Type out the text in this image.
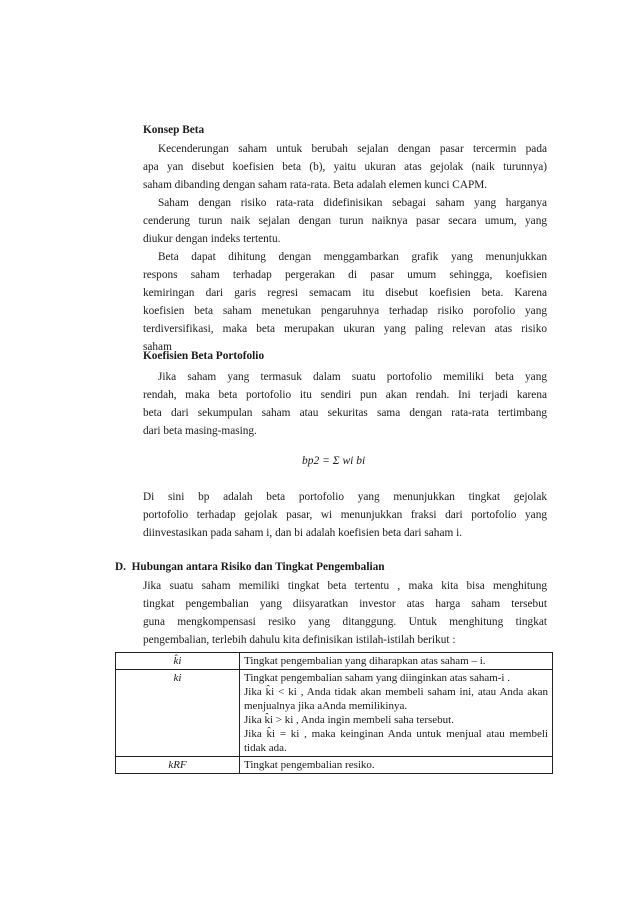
Konsep Beta
Kecenderungan saham untuk berubah sejalan dengan pasar tercermin pada
apa yan disebut koefisien beta (b), yaitu ukuran atas gejolak (naik turunnya)
saham dibanding dengan saham rata-rata. Beta adalah elemen kunci CAPM.
Saham dengan risiko rata-rata didefinisikan sebagai saham yang harganya
cenderung turun naik sejalan dengan turun naiknya pasar secara umum, yang
diukur dengan indeks tertentu.
Beta dapat dihitung dengan menggambarkan grafik yang menunjukkan
respons saham terhadap pergerakan di pasar umum sehingga, koefisien
kemiringan dari garis regresi semacam itu disebut koefisien beta. Karena
koefisien beta saham menetukan pengaruhnya terhadap risiko porofolio yang
terdiversifikasi, maka beta merupakan ukuran yang paling relevan atas risiko
saham
Koefisien Beta Portofolio
Jika saham yang termasuk dalam suatu portofolio memiliki beta yang
rendah, maka beta portofolio itu sendiri pun akan rendah. Ini terjadi karena
beta dari sekumpulan saham atau sekuritas sama dengan rata-rata tertimbang
dari beta masing-masing.
bp2 = Σ wi bi
Di sini bp adalah beta portofolio yang menunjukkan tingkat gejolak
portofolio terhadap gejolak pasar, wi menunjukkan fraksi dari portofolio yang
diinvestasikan pada saham i, dan bi adalah koefisien beta dari saham i.
D.  Hubungan antara Risiko dan Tingkat Pengembalian
Jika suatu saham memiliki tingkat beta tertentu , maka kita bisa menghitung
tingkat pengembalian yang diisyaratkan investor atas harga saham tersebut
guna mengkompensasi resiko yang ditanggung. Untuk menghitung tingkat
pengembalian, terlebih dahulu kita definisikan istilah-istilah berikut :
k̂i	Tingkat pengembalian yang diharapkan atas saham – i.

ki	Tingkat pengembalian saham yang diinginkan atas saham-i .
Jika k̂i < ki , Anda tidak akan membeli saham ini, atau Anda akan menjualnya jika aAnda memilikinya.
Jika k̂i > ki , Anda ingin membeli saha tersebut.
Jika k̂i = ki , maka keinginan Anda untuk menjual atau membeli tidak ada.

kRF	Tingkat pengembalian resiko.
